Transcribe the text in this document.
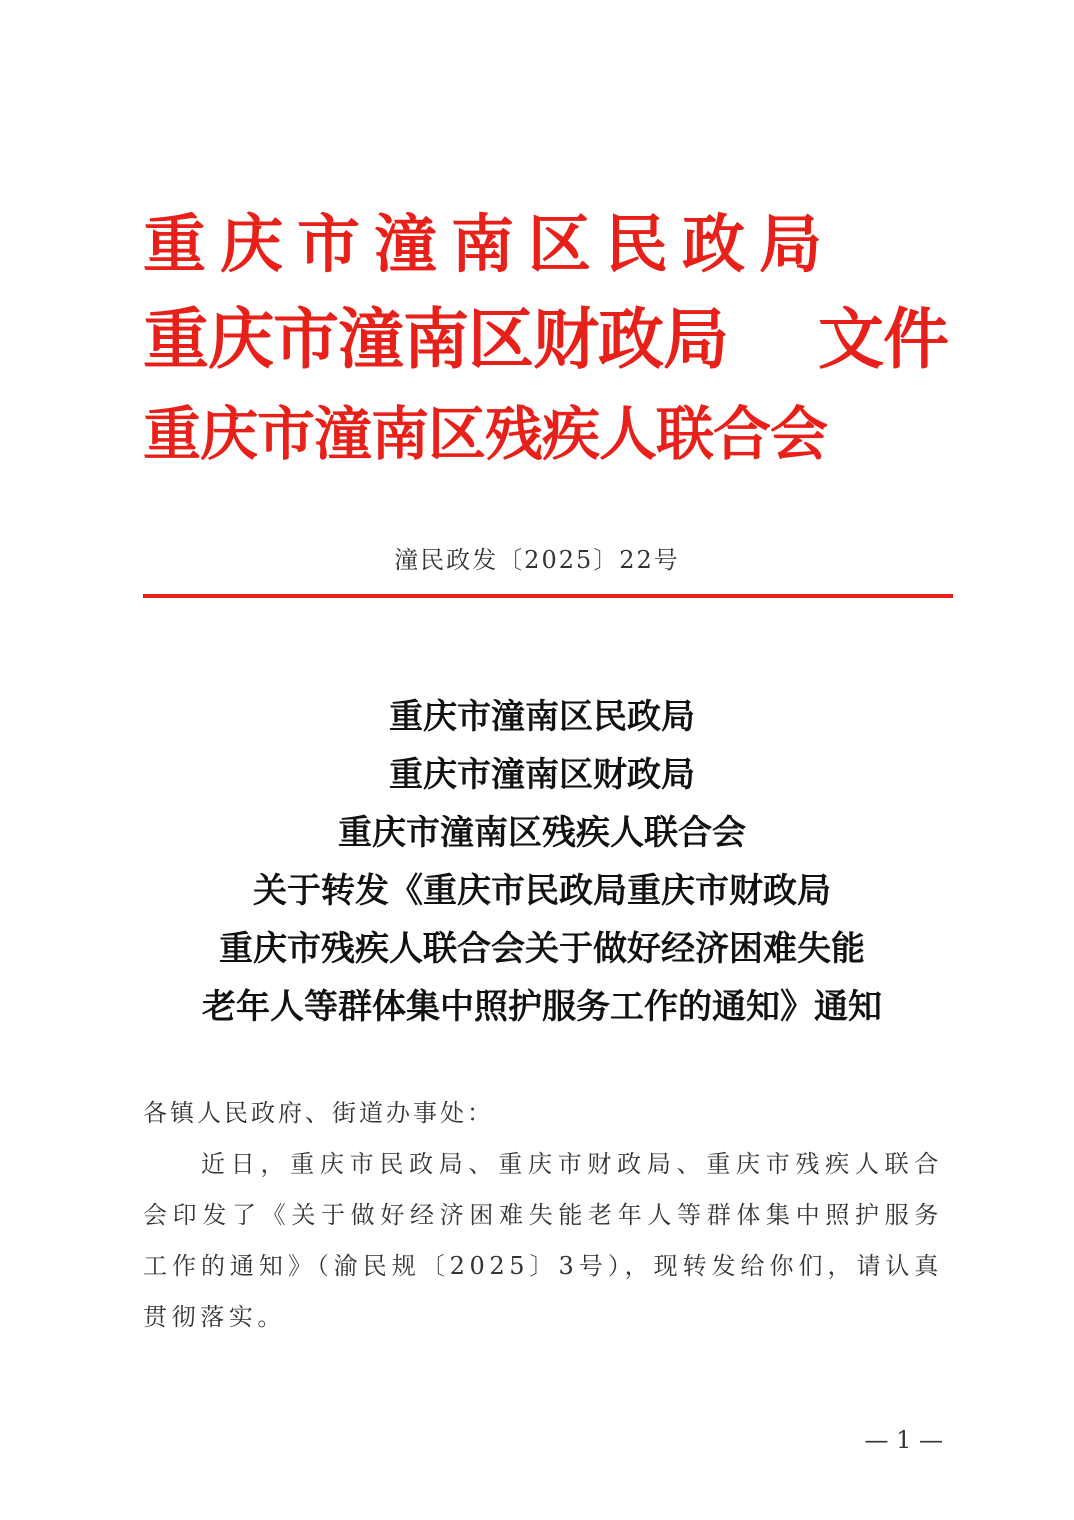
重庆市潼南区民政局
重庆市潼南区财政局
重庆市潼南区残疾人联合会
文件
潼民政发〔2025〕22号
重庆市潼南区民政局
重庆市潼南区财政局
重庆市潼南区残疾人联合会
关于转发《重庆市民政局重庆市财政局
重庆市残疾人联合会关于做好经济困难失能
老年人等群体集中照护服务工作的通知》通知
各镇人民政府、街道办事处：

近日，重庆市民政局、重庆市财政局、重庆市残疾人联合会印发了《关于做好经济困难失能老年人等群体集中照护服务工作的通知》（渝民规〔2025〕3号），现转发给你们，请认真贯彻落实。

— 1 —
